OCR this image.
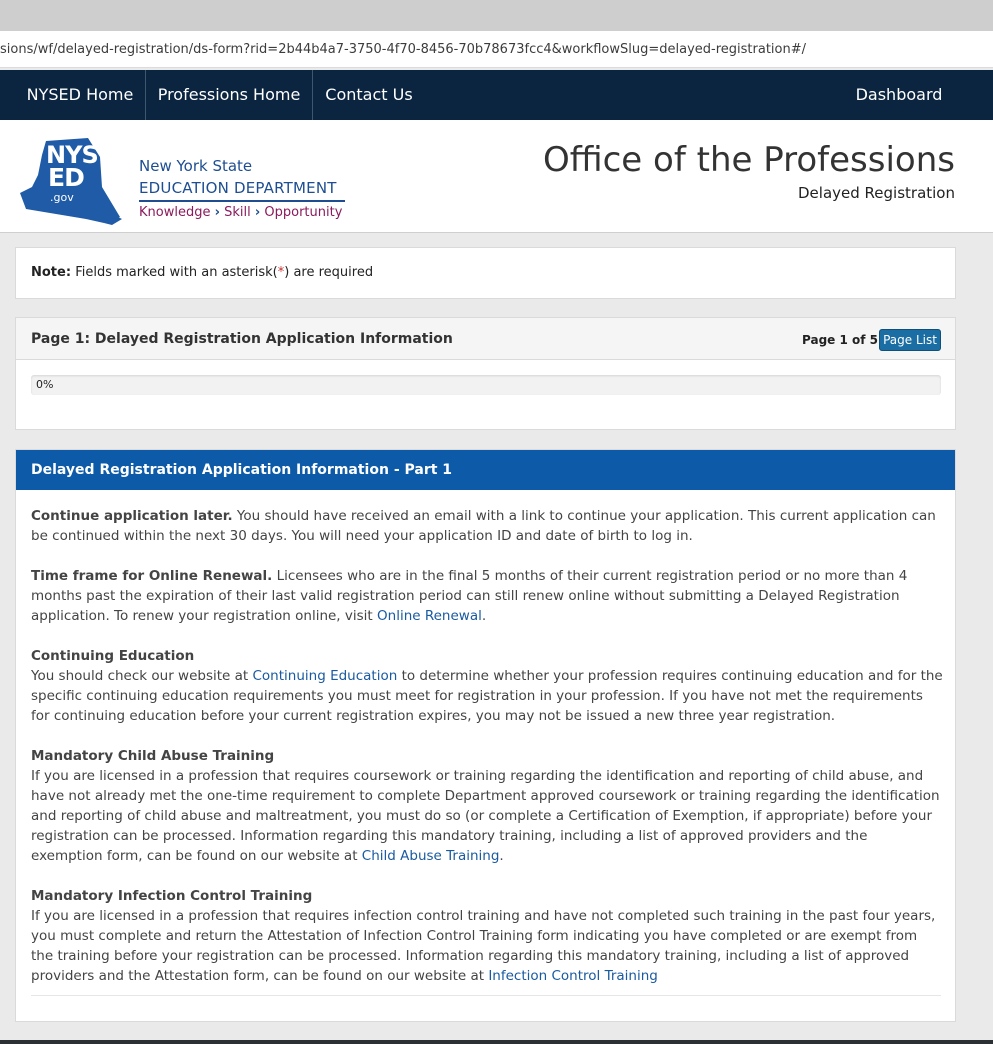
sions/wf/delayed-registration/ds-form?rid=2b44b4a7-3750-4f70-8456-70b78673fcc4&workflowSlug=delayed-registration#/
NYSED Home	Professions Home	Contact Us	Dashboard
NYS
ED
.gov
New York State
EDUCATION DEPARTMENT
Knowledge › Skill › Opportunity
Office of the Professions
Delayed Registration
Note: Fields marked with an asterisk(*) are required
Page 1: Delayed Registration Application Information	Page 1 of 5 Page List
0%
Delayed Registration Application Information - Part 1

Continue application later. You should have received an email with a link to continue your application. This current application can be continued within the next 30 days. You will need your application ID and date of birth to log in.

Time frame for Online Renewal. Licensees who are in the final 5 months of their current registration period or no more than 4 months past the expiration of their last valid registration period can still renew online without submitting a Delayed Registration application. To renew your registration online, visit Online Renewal.

Continuing Education
You should check our website at Continuing Education to determine whether your profession requires continuing education and for the specific continuing education requirements you must meet for registration in your profession. If you have not met the requirements for continuing education before your current registration expires, you may not be issued a new three year registration.

Mandatory Child Abuse Training
If you are licensed in a profession that requires coursework or training regarding the identification and reporting of child abuse, and have not already met the one-time requirement to complete Department approved coursework or training regarding the identification and reporting of child abuse and maltreatment, you must do so (or complete a Certification of Exemption, if appropriate) before your registration can be processed. Information regarding this mandatory training, including a list of approved providers and the exemption form, can be found on our website at Child Abuse Training.

Mandatory Infection Control Training
If you are licensed in a profession that requires infection control training and have not completed such training in the past four years, you must complete and return the Attestation of Infection Control Training form indicating you have completed or are exempt from the training before your registration can be processed. Information regarding this mandatory training, including a list of approved providers and the Attestation form, can be found on our website at Infection Control Training
